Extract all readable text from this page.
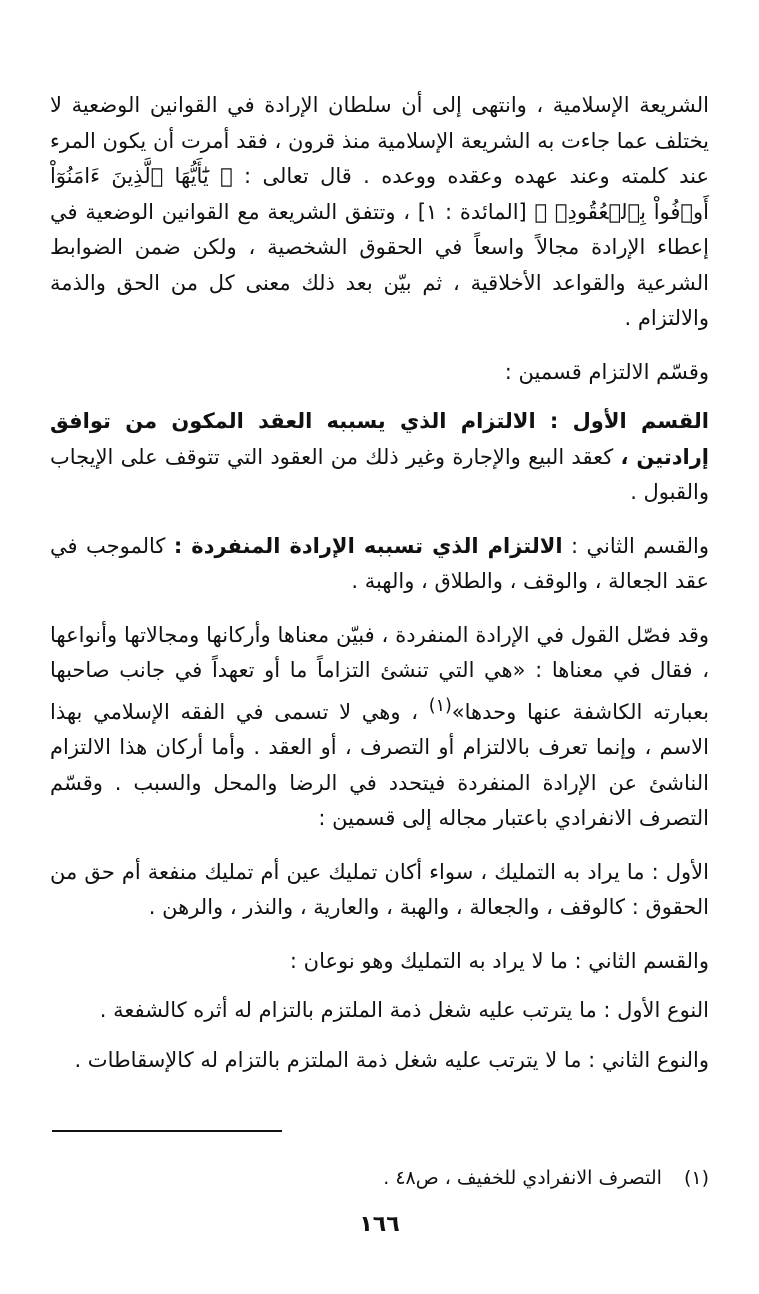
الشريعة الإسلامية ، وانتهى إلى أن سلطان الإرادة في القوانين الوضعية لا يختلف عما جاءت به الشريعة الإسلامية منذ قرون ، فقد أمرت أن يكون المرء عند كلمته وعند عهده وعقده ووعده . قال تعالى : ﴿ يَٰٓأَيُّهَا ٱلَّذِينَ ءَامَنُوٓاْ أَوۡفُواْ بِٱلۡعُقُودِۚ ﴾ [المائدة : ١] ، وتتفق الشريعة مع القوانين الوضعية في إعطاء الإرادة مجالاً واسعاً في الحقوق الشخصية ، ولكن ضمن الضوابط الشرعية والقواعد الأخلاقية ، ثم بيّن بعد ذلك معنى كل من الحق والذمة والالتزام .

وقسّم الالتزام قسمين :

القسم الأول : الالتزام الذي يسببه العقد المكون من توافق إرادتين ، كعقد البيع والإجارة وغير ذلك من العقود التي تتوقف على الإيجاب والقبول .

والقسم الثاني : الالتزام الذي تسببه الإرادة المنفردة : كالموجب في عقد الجعالة ، والوقف ، والطلاق ، والهبة .

وقد فصّل القول في الإرادة المنفردة ، فبيّن معناها وأركانها ومجالاتها وأنواعها ، فقال في معناها : «هي التي تنشئ التزاماً ما أو تعهداً في جانب صاحبها بعبارته الكاشفة عنها وحدها»$^{(١)}$ ، وهي لا تسمى في الفقه الإسلامي بهذا الاسم ، وإنما تعرف بالالتزام أو التصرف ، أو العقد . وأما أركان هذا الالتزام الناشئ عن الإرادة المنفردة فيتحدد في الرضا والمحل والسبب . وقسّم التصرف الانفرادي باعتبار مجاله إلى قسمين :

الأول : ما يراد به التمليك ، سواء أكان تمليك عين أم تمليك منفعة أم حق من الحقوق : كالوقف ، والجعالة ، والهبة ، والعارية ، والنذر ، والرهن .

والقسم الثاني : ما لا يراد به التمليك وهو نوعان :

النوع الأول : ما يترتب عليه شغل ذمة الملتزم بالتزام له أثره كالشفعة .

والنوع الثاني : ما لا يترتب عليه شغل ذمة الملتزم بالتزام له كالإسقاطات .

(١)التصرف الانفرادي للخفيف ، ص٤٨ .
١٦٦
